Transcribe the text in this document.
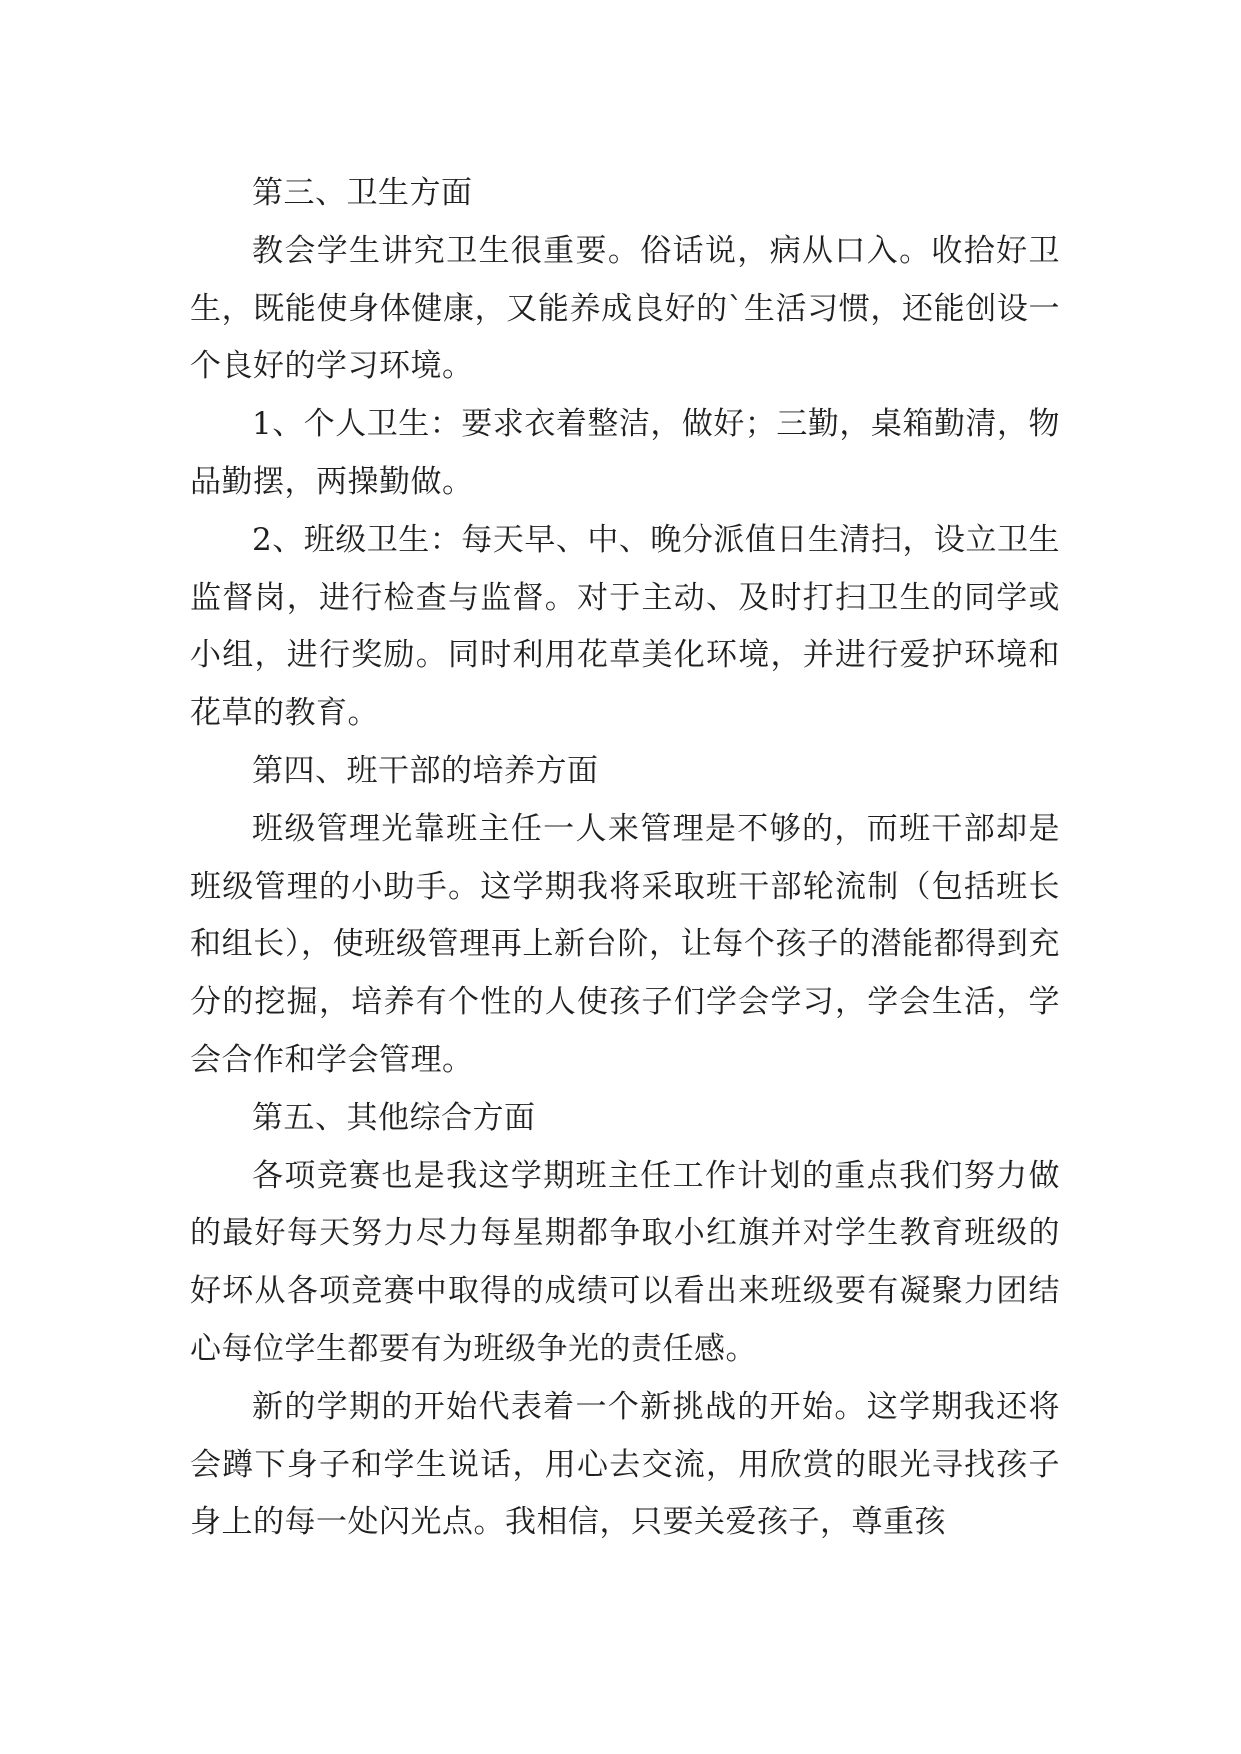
第三、卫生方面

教会学生讲究卫生很重要。俗话说，病从口入。收拾好卫生，既能使身体健康，又能养成良好的`生活习惯，还能创设一个良好的学习环境。

1、个人卫生：要求衣着整洁，做好；三勤，桌箱勤清，物品勤摆，两操勤做。

2、班级卫生：每天早、中、晚分派值日生清扫，设立卫生监督岗，进行检查与监督。对于主动、及时打扫卫生的同学或小组，进行奖励。同时利用花草美化环境，并进行爱护环境和花草的教育。

第四、班干部的培养方面

班级管理光靠班主任一人来管理是不够的，而班干部却是班级管理的小助手。这学期我将采取班干部轮流制（包括班长和组长），使班级管理再上新台阶，让每个孩子的潜能都得到充分的挖掘，培养有个性的人使孩子们学会学习，学会生活，学会合作和学会管理。

第五、其他综合方面

各项竞赛也是我这学期班主任工作计划的重点我们努力做的最好每天努力尽力每星期都争取小红旗并对学生教育班级的好坏从各项竞赛中取得的成绩可以看出来班级要有凝聚力团结心每位学生都要有为班级争光的责任感。

新的学期的开始代表着一个新挑战的开始。这学期我还将会蹲下身子和学生说话，用心去交流，用欣赏的眼光寻找孩子身上的每一处闪光点。我相信，只要关爱孩子，尊重孩
